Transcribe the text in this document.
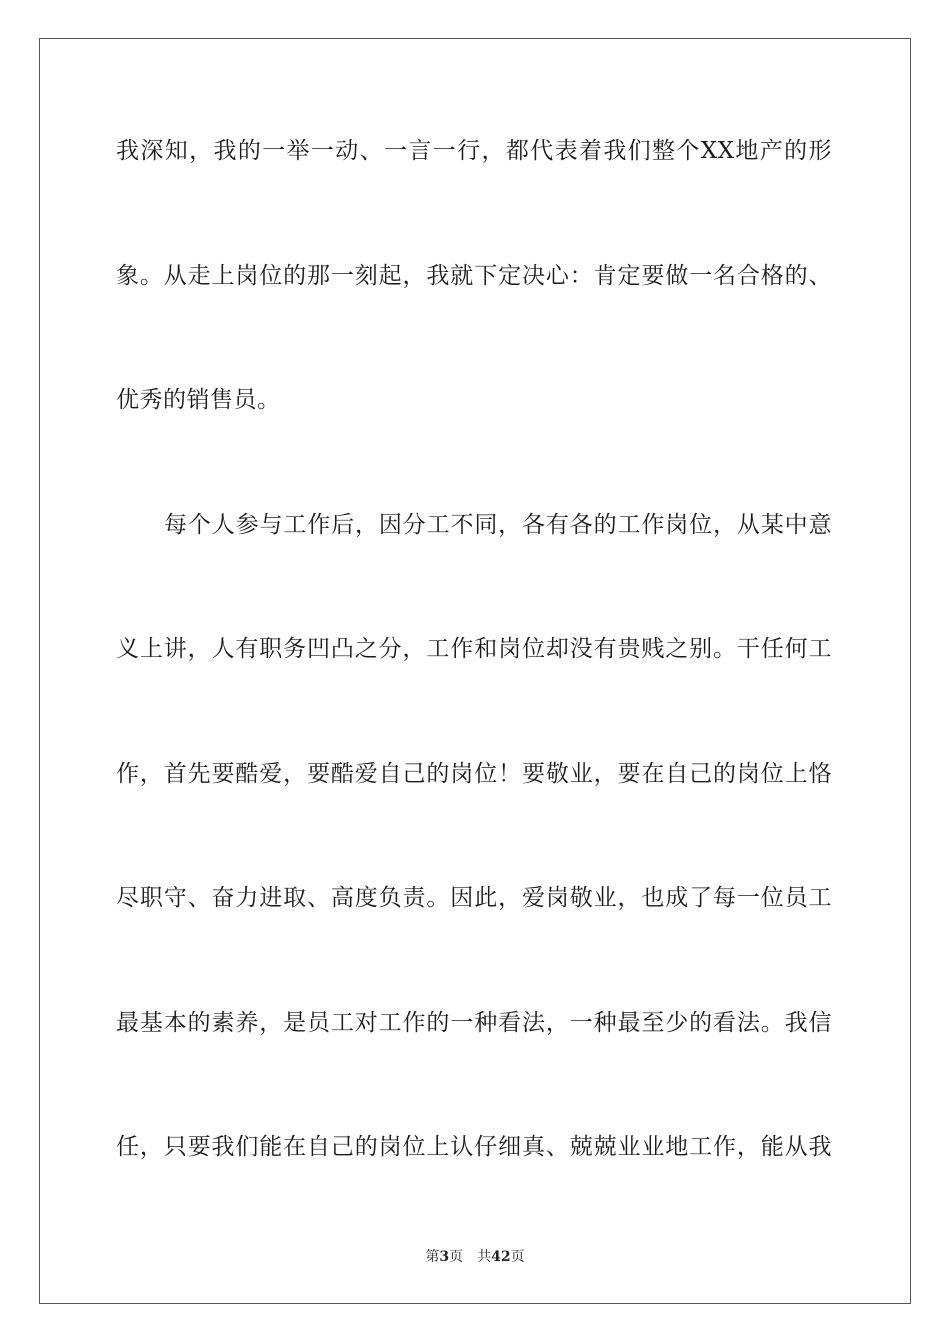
我深知，我的一举一动、一言一行，都代表着我们整个XX地产的形

象。从走上岗位的那一刻起，我就下定决心：肯定要做一名合格的、

优秀的销售员。

每个人参与工作后，因分工不同，各有各的工作岗位，从某中意

义上讲，人有职务凹凸之分，工作和岗位却没有贵贱之别。干任何工

作，首先要酷爱，要酷爱自己的岗位！要敬业，要在自己的岗位上恪

尽职守、奋力进取、高度负责。因此，爱岗敬业，也成了每一位员工

最基本的素养，是员工对工作的一种看法，一种最至少的看法。我信

任，只要我们能在自己的岗位上认仔细真、兢兢业业地工作，能从我

第3页 共42页
